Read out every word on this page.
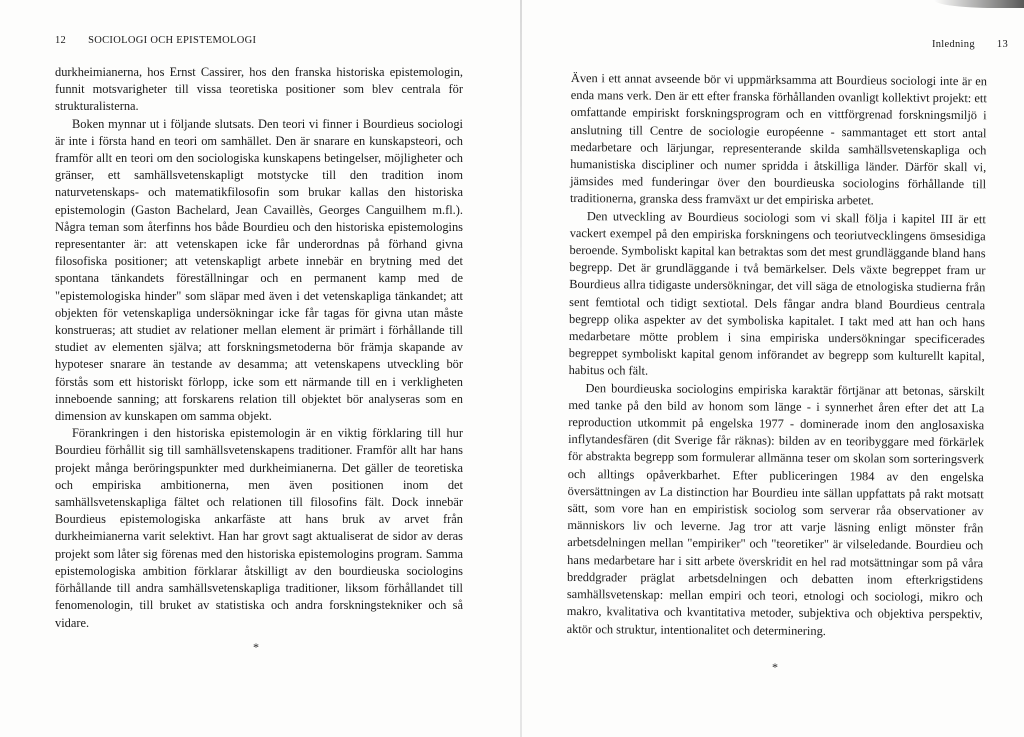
12 SOCIOLOGI OCH EPISTEMOLOGI

durkheimianerna, hos Ernst Cassirer, hos den franska historiska epistemologin, funnit motsvarigheter till vissa teoretiska positioner som blev centrala för strukturalisterna.

Boken mynnar ut i följande slutsats. Den teori vi finner i Bourdieus sociologi är inte i första hand en teori om samhället. Den är snarare en kunskapsteori, och framför allt en teori om den sociologiska kunskapens betingelser, möjligheter och gränser, ett samhällsvetenskapligt motstycke till den tradition inom naturvetenskaps- och matematikfilosofin som brukar kallas den historiska epistemologin (Gaston Bachelard, Jean Cavaillès, Georges Canguilhem m.fl.). Några teman som återfinns hos både Bourdieu och den historiska epistemologins representanter är: att vetenskapen icke får underordnas på förhand givna filosofiska positioner; att vetenskapligt arbete innebär en brytning med det spontana tänkandets föreställningar och en permanent kamp med de "epistemologiska hinder" som släpar med även i det vetenskapliga tänkandet; att objekten för vetenskapliga undersökningar icke får tagas för givna utan måste konstrueras; att studiet av relationer mellan element är primärt i förhållande till studiet av elementen själva; att forskningsmetoderna bör främja skapande av hypoteser snarare än testande av desamma; att vetenskapens utveckling bör förstås som ett historiskt förlopp, icke som ett närmande till en i verkligheten inneboende sanning; att forskarens relation till objektet bör analyseras som en dimension av kunskapen om samma objekt.

Förankringen i den historiska epistemologin är en viktig förklaring till hur Bourdieu förhållit sig till samhällsvetenskapens traditioner. Framför allt har hans projekt många beröringspunkter med durkheimianerna. Det gäller de teoretiska och empiriska ambitionerna, men även positionen inom det samhällsvetenskapliga fältet och relationen till filosofins fält. Dock innebär Bourdieus epistemologiska ankarfäste att hans bruk av arvet från durkheimianerna varit selektivt. Han har grovt sagt aktualiserat de sidor av deras projekt som låter sig förenas med den historiska epistemologins program. Samma epistemologiska ambition förklarar åtskilligt av den bourdieuska sociologins förhållande till andra samhällsvetenskapliga traditioner, liksom förhållandet till fenomenologin, till bruket av statistiska och andra forskningstekniker och så vidare.

*
Inledning 13

Även i ett annat avseende bör vi uppmärksamma att Bourdieus sociologi inte är en enda mans verk. Den är ett efter franska förhållanden ovanligt kollektivt projekt: ett omfattande empiriskt forskningsprogram och en vittförgrenad forskningsmiljö i anslutning till Centre de sociologie européenne - sammantaget ett stort antal medarbetare och lärjungar, representerande skilda samhällsvetenskapliga och humanistiska discipliner och numer spridda i åtskilliga länder. Därför skall vi, jämsides med funderingar över den bourdieuska sociologins förhållande till traditionerna, granska dess framväxt ur det empiriska arbetet.

Den utveckling av Bourdieus sociologi som vi skall följa i kapitel III är ett vackert exempel på den empiriska forskningens och teoriutvecklingens ömsesidiga beroende. Symboliskt kapital kan betraktas som det mest grundläggande bland hans begrepp. Det är grundläggande i två bemärkelser. Dels växte begreppet fram ur Bourdieus allra tidigaste undersökningar, det vill säga de etnologiska studierna från sent femtiotal och tidigt sextiotal. Dels fångar andra bland Bourdieus centrala begrepp olika aspekter av det symboliska kapitalet. I takt med att han och hans medarbetare mötte problem i sina empiriska undersökningar specificerades begreppet symboliskt kapital genom införandet av begrepp som kulturellt kapital, habitus och fält.

Den bourdieuska sociologins empiriska karaktär förtjänar att betonas, särskilt med tanke på den bild av honom som länge - i synnerhet åren efter det att La reproduction utkommit på engelska 1977 - dominerade inom den anglosaxiska inflytandesfären (dit Sverige får räknas): bilden av en teoribyggare med förkärlek för abstrakta begrepp som formulerar allmänna teser om skolan som sorteringsverk och alltings opåverkbarhet. Efter publiceringen 1984 av den engelska översättningen av La distinction har Bourdieu inte sällan uppfattats på rakt motsatt sätt, som vore han en empiristisk sociolog som serverar råa observationer av människors liv och leverne. Jag tror att varje läsning enligt mönster från arbetsdelningen mellan "empiriker" och "teoretiker" är vilseledande. Bourdieu och hans medarbetare har i sitt arbete överskridit en hel rad motsättningar som på våra breddgrader präglat arbetsdelningen och debatten inom efterkrigstidens samhällsvetenskap: mellan empiri och teori, etnologi och sociologi, mikro och makro, kvalitativa och kvantitativa metoder, subjektiva och objektiva perspektiv, aktör och struktur, intentionalitet och determinering.

*
